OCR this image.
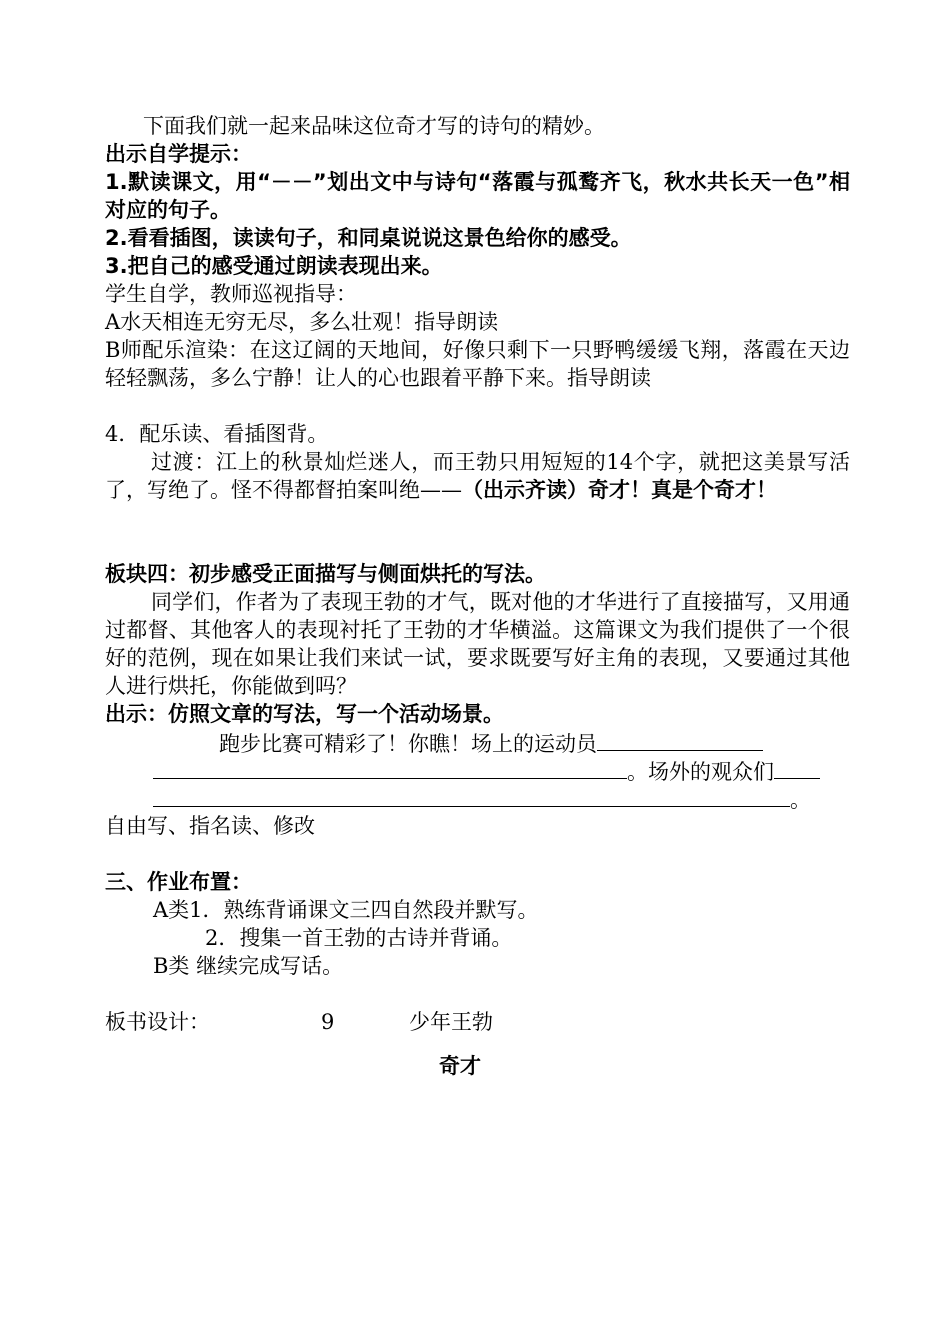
下面我们就一起来品味这位奇才写的诗句的精妙。
出示自学提示：
1.默读课文，用“－－”划出文中与诗句“落霞与孤鹜齐飞，秋水共长天一色”相对应的句子。
2.看看插图，读读句子，和同桌说说这景色给你的感受。
3.把自己的感受通过朗读表现出来。
学生自学，教师巡视指导：
A水天相连无穷无尽，多么壮观！指导朗读
B师配乐渲染：在这辽阔的天地间，好像只剩下一只野鸭缓缓飞翔，落霞在天边轻轻飘荡，多么宁静！让人的心也跟着平静下来。指导朗读
4．配乐读、看插图背。
过渡：江上的秋景灿烂迷人，而王勃只用短短的14个字，就把这美景写活了，写绝了。怪不得都督拍案叫绝——（出示齐读）奇才！真是个奇才！
板块四：初步感受正面描写与侧面烘托的写法。
同学们，作者为了表现王勃的才气，既对他的才华进行了直接描写，又用通过都督、其他客人的表现衬托了王勃的才华横溢。这篇课文为我们提供了一个很好的范例，现在如果让我们来试一试，要求既要写好主角的表现，又要通过其他人进行烘托，你能做到吗？
出示：仿照文章的写法，写一个活动场景。
跑步比赛可精彩了！你瞧！场上的运动员
。场外的观众们
。
自由写、指名读、修改
三、作业布置：
A类1．熟练背诵课文三四自然段并默写。
2．搜集一首王勃的古诗并背诵。
B类 继续完成写话。
板书设计：	9	少年王勃
奇才
